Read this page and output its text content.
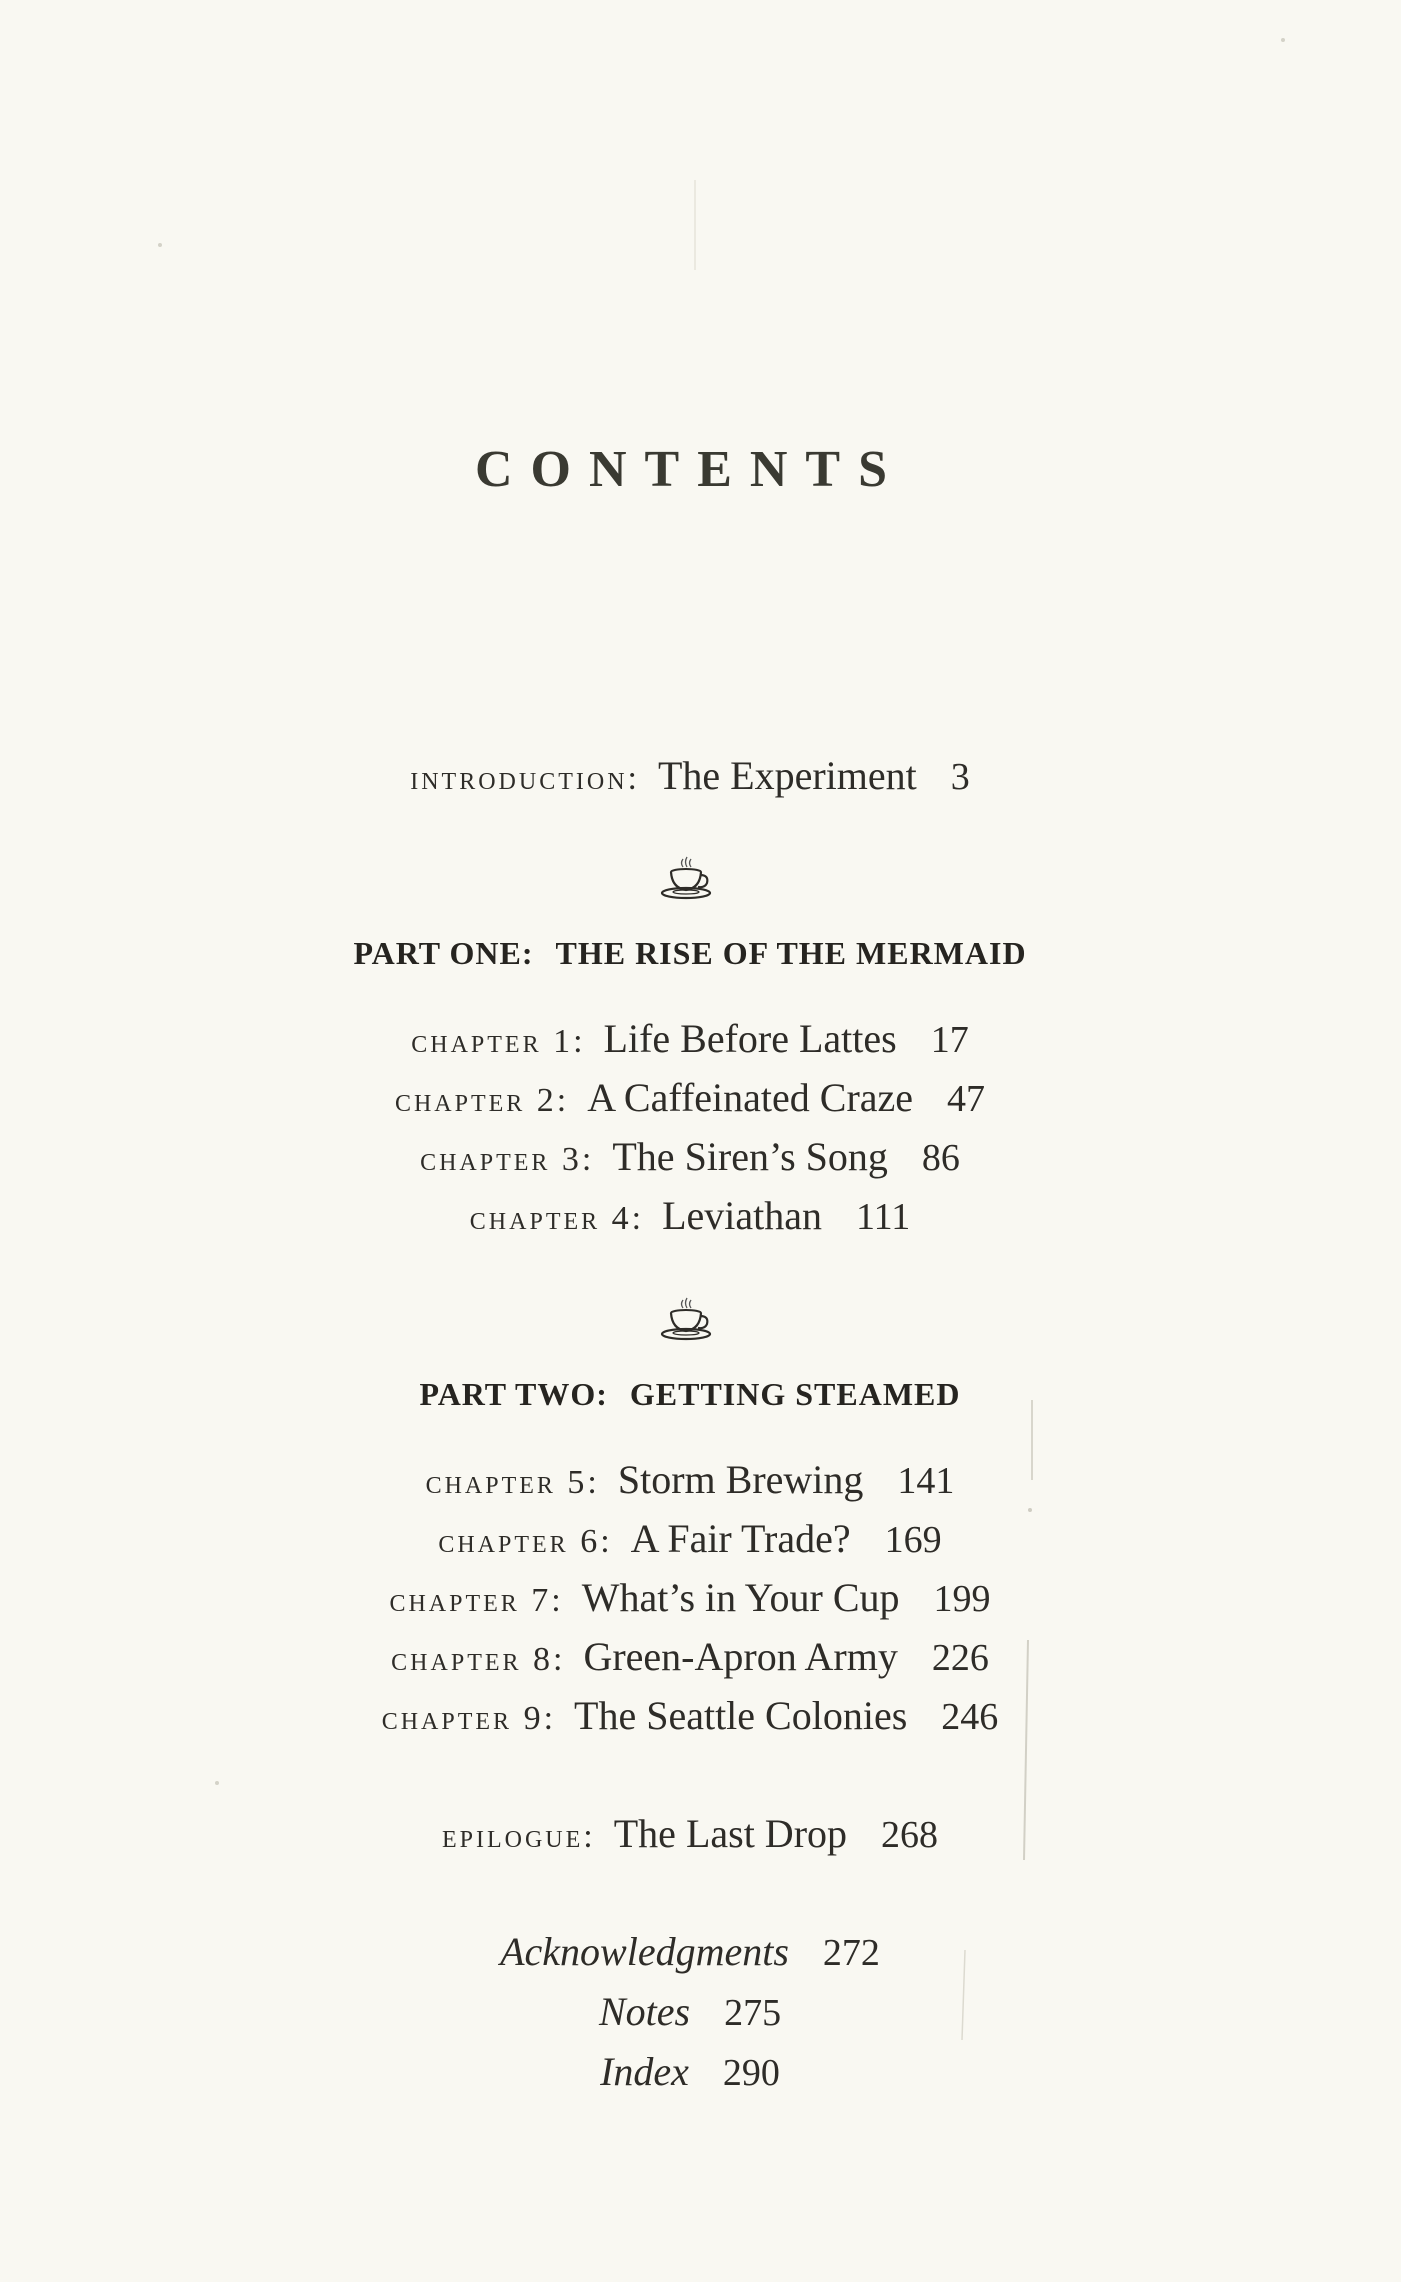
CONTENTS
introduction: The Experiment 3
PART ONE: THE RISE OF THE MERMAID
chapter 1: Life Before Lattes 17
chapter 2: A Caffeinated Craze 47
chapter 3: The Siren’s Song 86
chapter 4: Leviathan 111
PART TWO: GETTING STEAMED
chapter 5: Storm Brewing 141
chapter 6: A Fair Trade? 169
chapter 7: What’s in Your Cup 199
chapter 8: Green-Apron Army 226
chapter 9: The Seattle Colonies 246
epilogue: The Last Drop 268
Acknowledgments 272
Notes 275
Index 290
